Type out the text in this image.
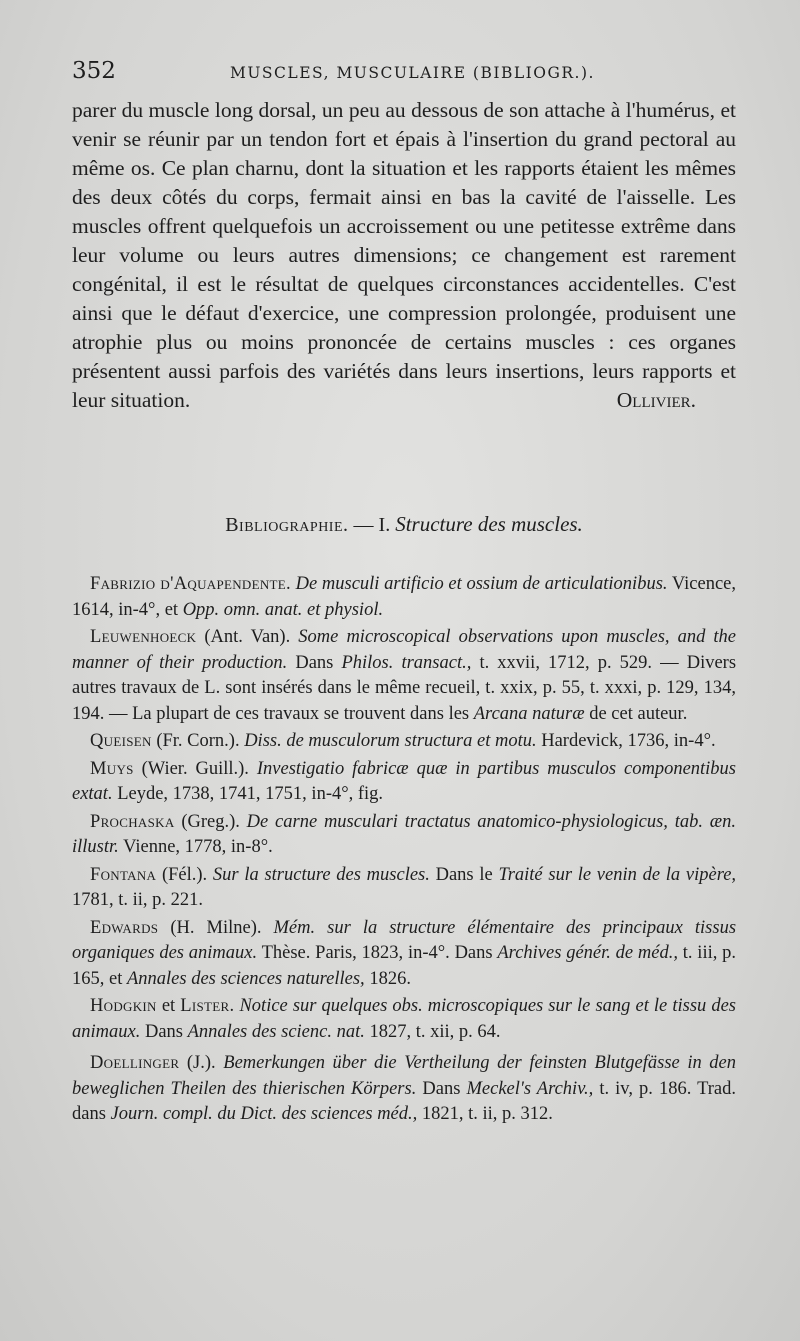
352	MUSCLES, MUSCULAIRE (BIBLIOGR.).
parer du muscle long dorsal, un peu au dessous de son attache à l'humérus, et venir se réunir par un tendon fort et épais à l'insertion du grand pectoral au même os. Ce plan charnu, dont la situation et les rapports étaient les mêmes des deux côtés du corps, fermait ainsi en bas la cavité de l'aisselle. Les muscles offrent quelquefois un accroissement ou une petitesse extrême dans leur volume ou leurs autres dimensions; ce changement est rarement congénital, il est le résultat de quelques circonstances accidentelles. C'est ainsi que le défaut d'exercice, une compression prolongée, produisent une atrophie plus ou moins prononcée de certains muscles : ces organes présentent aussi parfois des variétés dans leurs insertions, leurs rapports et leur situation.	Ollivier.
Bibliographie. — I. Structure des muscles.

Fabrizio d'Aquapendente. De musculi artificio et ossium de articulationibus. Vicence, 1614, in-4°, et Opp. omn. anat. et physiol.

Leuwenhoeck (Ant. Van). Some microscopical observations upon muscles, and the manner of their production. Dans Philos. transact., t. xxvii, 1712, p. 529. — Divers autres travaux de L. sont insérés dans le même recueil, t. xxix, p. 55, t. xxxi, p. 129, 134, 194. — La plupart de ces travaux se trouvent dans les Arcana naturæ de cet auteur.

Queisen (Fr. Corn.). Diss. de musculorum structura et motu. Hardevick, 1736, in-4°.

Muys (Wier. Guill.). Investigatio fabricæ quæ in partibus musculos componentibus extat. Leyde, 1738, 1741, 1751, in-4°, fig.

Prochaska (Greg.). De carne musculari tractatus anatomico-physiologicus, tab. æn. illustr. Vienne, 1778, in-8°.

Fontana (Fél.). Sur la structure des muscles. Dans le Traité sur le venin de la vipère, 1781, t. ii, p. 221.

Edwards (H. Milne). Mém. sur la structure élémentaire des principaux tissus organiques des animaux. Thèse. Paris, 1823, in-4°. Dans Archives génér. de méd., t. iii, p. 165, et Annales des sciences naturelles, 1826.

Hodgkin et Lister. Notice sur quelques obs. microscopiques sur le sang et le tissu des animaux. Dans Annales des scienc. nat. 1827, t. xii, p. 64.

Doellinger (J.). Bemerkungen über die Vertheilung der feinsten Blutgefässe in den beweglichen Theilen des thierischen Körpers. Dans Meckel's Archiv., t. iv, p. 186. Trad. dans Journ. compl. du Dict. des sciences méd., 1821, t. ii, p. 312.
